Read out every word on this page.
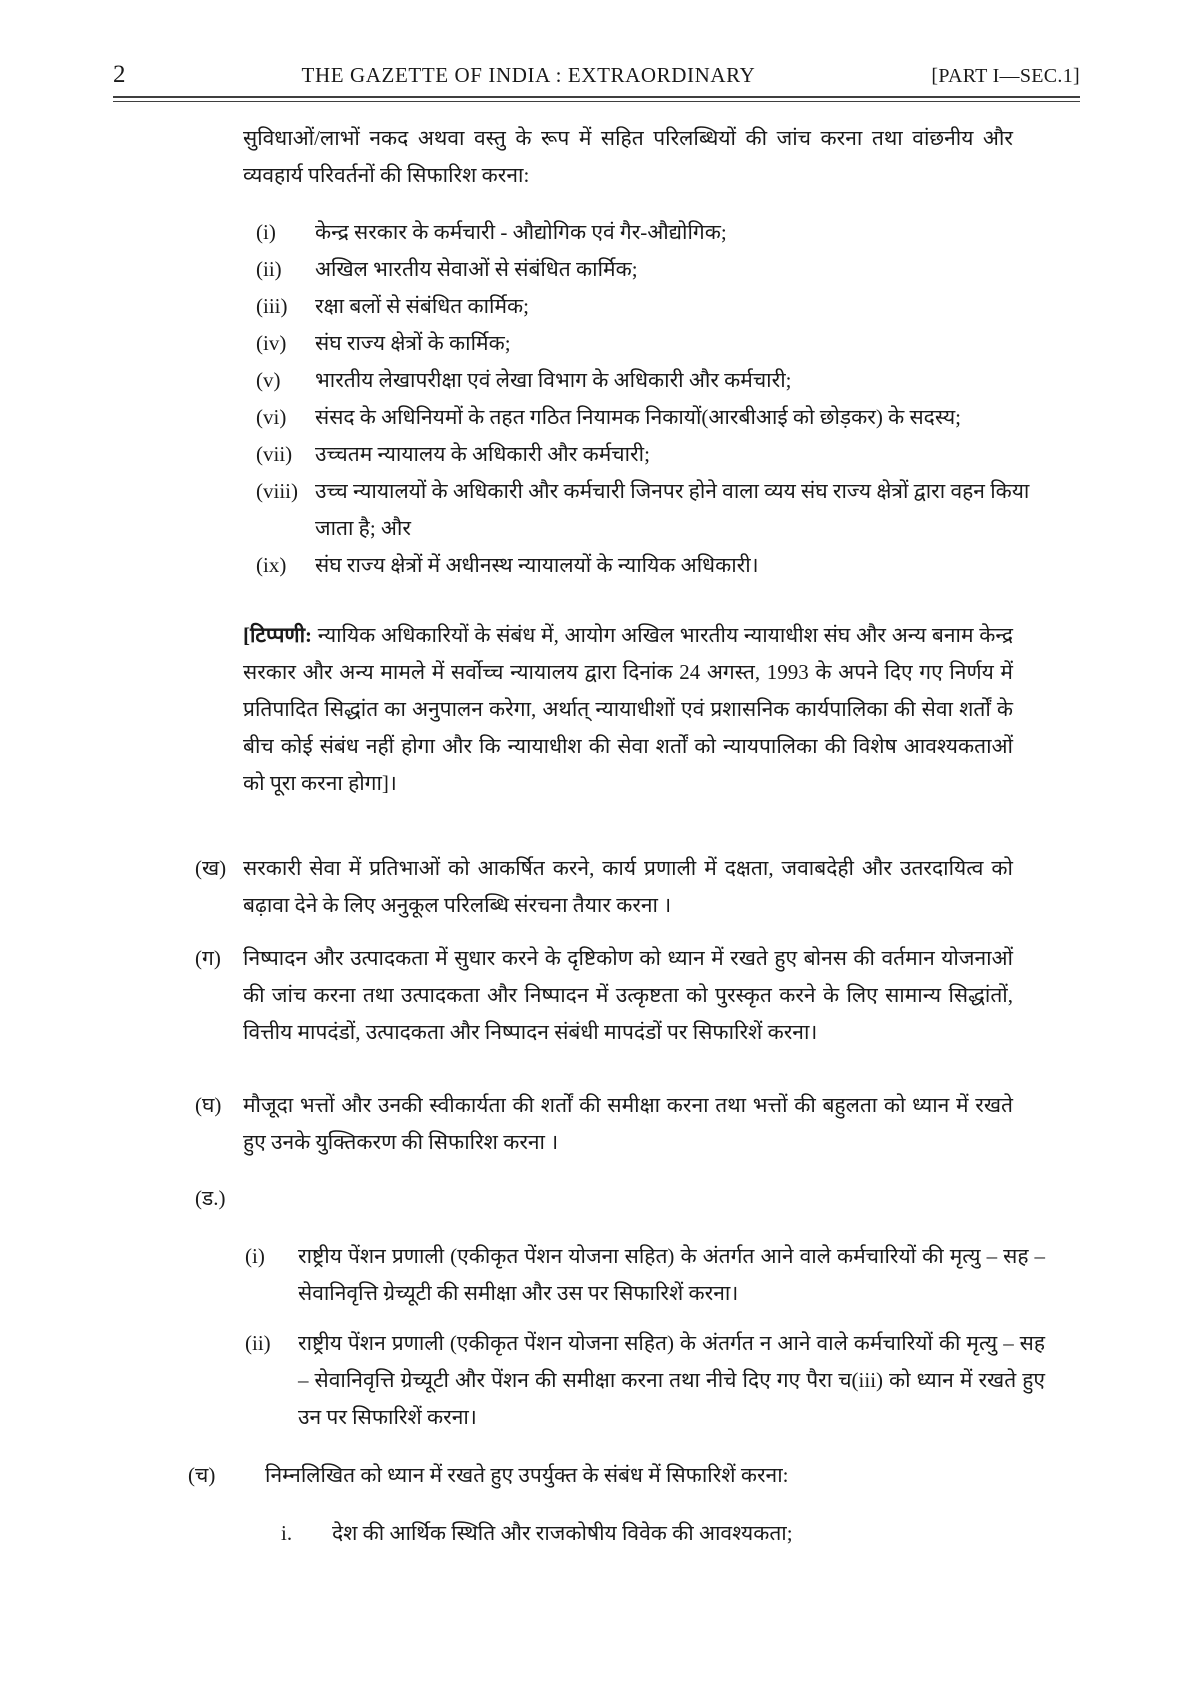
2	THE GAZETTE OF INDIA : EXTRAORDINARY	[PART I—SEC.1]
सुविधाओं/लाभों नकद अथवा वस्तु के रूप में सहित परिलब्धियों की जांच करना तथा वांछनीय और व्यवहार्य परिवर्तनों की सिफारिश करना:
(i)	केन्द्र सरकार के कर्मचारी - औद्योगिक एवं गैर-औद्योगिक;
(ii)	अखिल भारतीय सेवाओं से संबंधित कार्मिक;
(iii)	रक्षा बलों से संबंधित कार्मिक;
(iv)	संघ राज्य क्षेत्रों के कार्मिक;
(v)	भारतीय लेखापरीक्षा एवं लेखा विभाग के अधिकारी और कर्मचारी;
(vi)	संसद के अधिनियमों के तहत गठित नियामक निकायों(आरबीआई को छोड़कर) के सदस्य;
(vii)	उच्चतम न्यायालय के अधिकारी और कर्मचारी;
(viii) उच्च न्यायालयों के अधिकारी और कर्मचारी जिनपर होने वाला व्यय संघ राज्य क्षेत्रों द्वारा वहन किया जाता है; और
(ix)	संघ राज्य क्षेत्रों में अधीनस्थ न्यायालयों के न्यायिक अधिकारी।
[टिप्पणी: न्यायिक अधिकारियों के संबंध में, आयोग अखिल भारतीय न्यायाधीश संघ और अन्य बनाम केन्द्र सरकार और अन्य मामले में सर्वोच्च न्यायालय द्वारा दिनांक 24 अगस्त, 1993 के अपने दिए गए निर्णय में प्रतिपादित सिद्धांत का अनुपालन करेगा, अर्थात् न्यायाधीशों एवं प्रशासनिक कार्यपालिका की सेवा शर्तों के बीच कोई संबंध नहीं होगा और कि न्यायाधीश की सेवा शर्तों को न्यायपालिका की विशेष आवश्यकताओं को पूरा करना होगा]।
(ख) सरकारी सेवा में प्रतिभाओं को आकर्षित करने, कार्य प्रणाली में दक्षता, जवाबदेही और उतरदायित्व को बढ़ावा देने के लिए अनुकूल परिलब्धि संरचना तैयार करना ।
(ग)	निष्पादन और उत्पादकता में सुधार करने के दृष्टिकोण को ध्यान में रखते हुए बोनस की वर्तमान योजनाओं की जांच करना तथा उत्पादकता और निष्पादन में उत्कृष्टता को पुरस्कृत करने के लिए सामान्य सिद्धांतों, वित्तीय मापदंडों, उत्पादकता और निष्पादन संबंधी मापदंडों पर सिफारिशें करना।
(घ)	मौजूदा भत्तों और उनकी स्वीकार्यता की शर्तों की समीक्षा करना तथा भत्तों की बहुलता को ध्यान में रखते हुए उनके युक्तिकरण की सिफारिश करना ।
(ड.)
(i)	राष्ट्रीय पेंशन प्रणाली (एकीकृत पेंशन योजना सहित) के अंतर्गत आने वाले कर्मचारियों की मृत्यु – सह – सेवानिवृत्ति ग्रेच्यूटी की समीक्षा और उस पर सिफारिशें करना।
(ii)	राष्ट्रीय पेंशन प्रणाली (एकीकृत पेंशन योजना सहित) के अंतर्गत न आने वाले कर्मचारियों की मृत्यु – सह – सेवानिवृत्ति ग्रेच्यूटी और पेंशन की समीक्षा करना तथा नीचे दिए गए पैरा च(iii) को ध्यान में रखते हुए उन पर सिफारिशें करना।
(च)	निम्नलिखित को ध्यान में रखते हुए उपर्युक्त के संबंध में सिफारिशें करना:
i.	देश की आर्थिक स्थिति और राजकोषीय विवेक की आवश्यकता;
